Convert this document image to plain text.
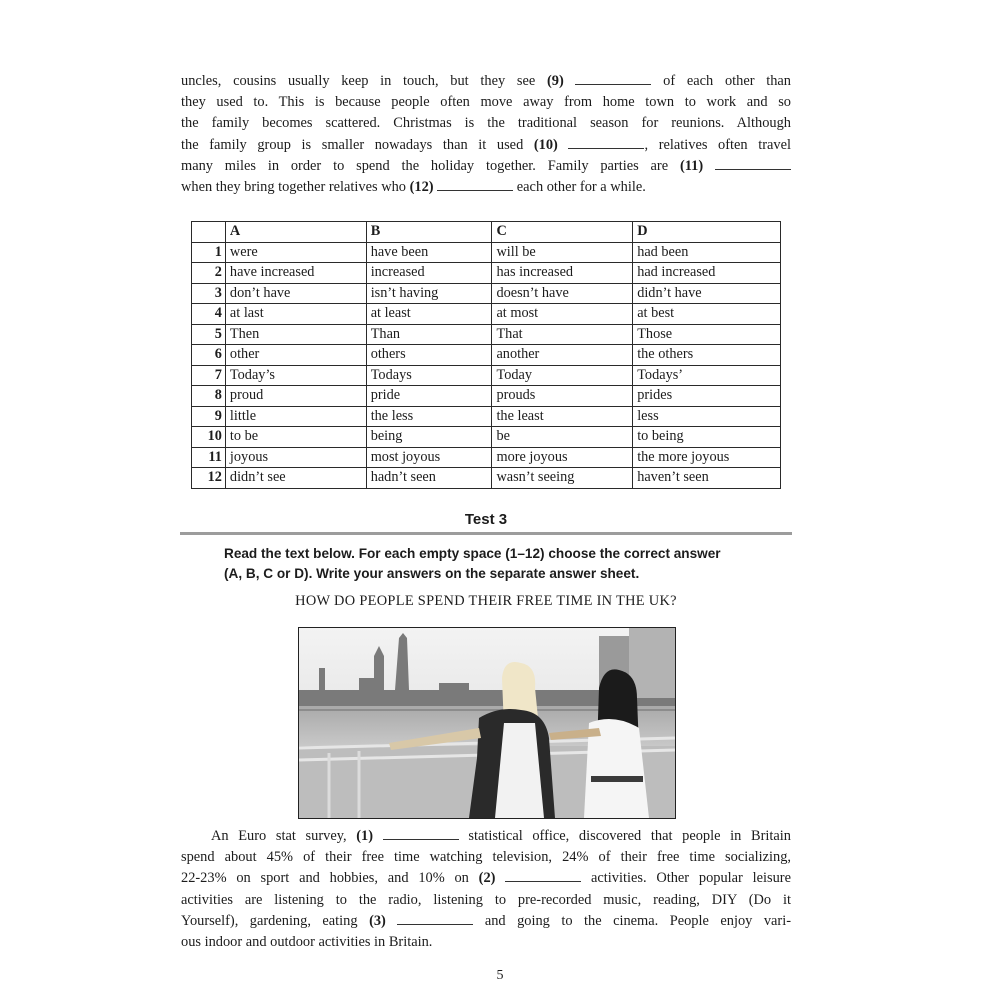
uncles, cousins usually keep in touch, but they see (9)	of each other than
they used to. This is because people often move away from home town to work and so
the family becomes scattered. Christmas is the traditional season for reunions. Although
the family group is smaller nowadays than it used (10)	, relatives often travel
many miles in order to spend the holiday together. Family parties are (11)
when they bring together relatives who (12)	each other for a while.
	A	B	C	D
1	were	have been	will be	had been
2	have increased	increased	has increased	had increased
3	don’t have	isn’t having	doesn’t have	didn’t have
4	at last	at least	at most	at best
5	Then	Than	That	Those
6	other	others	another	the others
7	Today’s	Todays	Today	Todays’
8	proud	pride	prouds	prides
9	little	the less	the least	less
10	to be	being	be	to being
11	joyous	most joyous	more joyous	the more joyous
12	didn’t see	hadn’t seen	wasn’t seeing	haven’t seen
Test 3
Read the text below. For each empty space (1–12) choose the correct answer
(A, B, C or D). Write your answers on the separate answer sheet.
HOW DO PEOPLE SPEND THEIR FREE TIME IN THE UK?
An Euro stat survey, (1)	statistical office, discovered that people in Britain
spend about 45% of their free time watching television, 24% of their free time socializing,
22-23% on sport and hobbies, and 10% on (2)	activities. Other popular leisure
activities are listening to the radio, listening to pre-recorded music, reading, DIY (Do it
Yourself), gardening, eating (3)	and going to the cinema. People enjoy vari-
ous indoor and outdoor activities in Britain.
5
